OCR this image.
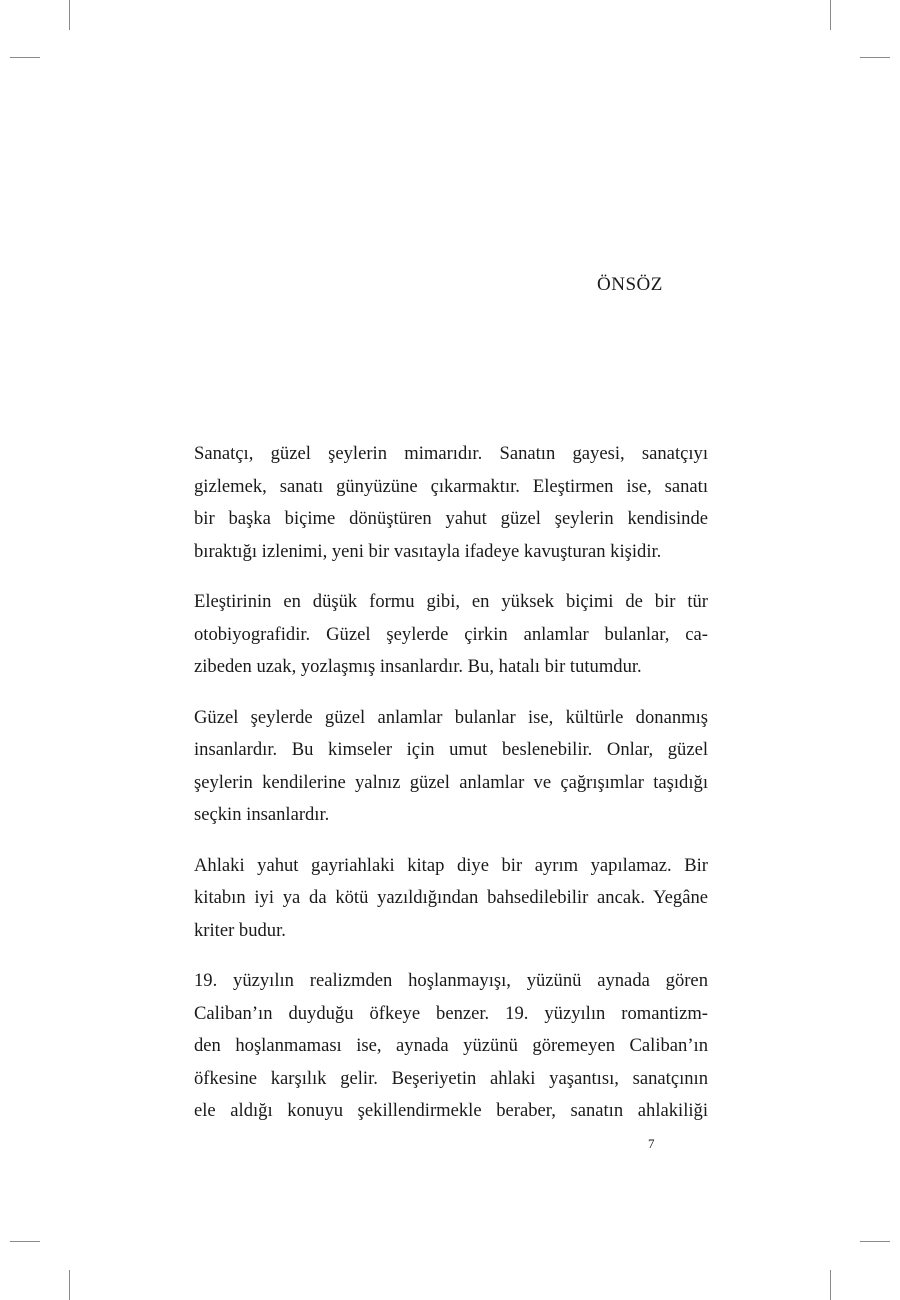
ÖNSÖZ

Sanatçı, güzel şeylerin mimarıdır. Sanatın gayesi, sanatçıyı
gizlemek, sanatı günyüzüne çıkarmaktır. Eleştirmen ise, sanatı
bir başka biçime dönüştüren yahut güzel şeylerin kendisinde
bıraktığı izlenimi, yeni bir vasıtayla ifadeye kavuşturan kişidir.

Eleştirinin en düşük formu gibi, en yüksek biçimi de bir tür
otobiyografidir. Güzel şeylerde çirkin anlamlar bulanlar, ca-
zibeden uzak, yozlaşmış insanlardır. Bu, hatalı bir tutumdur.

Güzel şeylerde güzel anlamlar bulanlar ise, kültürle donanmış
insanlardır. Bu kimseler için umut beslenebilir. Onlar, güzel
şeylerin kendilerine yalnız güzel anlamlar ve çağrışımlar taşıdığı
seçkin insanlardır.

Ahlaki yahut gayriahlaki kitap diye bir ayrım yapılamaz. Bir
kitabın iyi ya da kötü yazıldığından bahsedilebilir ancak. Yegâne
kriter budur.

19. yüzyılın realizmden hoşlanmayışı, yüzünü aynada gören
Caliban’ın duyduğu öfkeye benzer. 19. yüzyılın romantizm-
den hoşlanmaması ise, aynada yüzünü göremeyen Caliban’ın
öfkesine karşılık gelir. Beşeriyetin ahlaki yaşantısı, sanatçının
ele aldığı konuyu şekillendirmekle beraber, sanatın ahlakiliği

7
